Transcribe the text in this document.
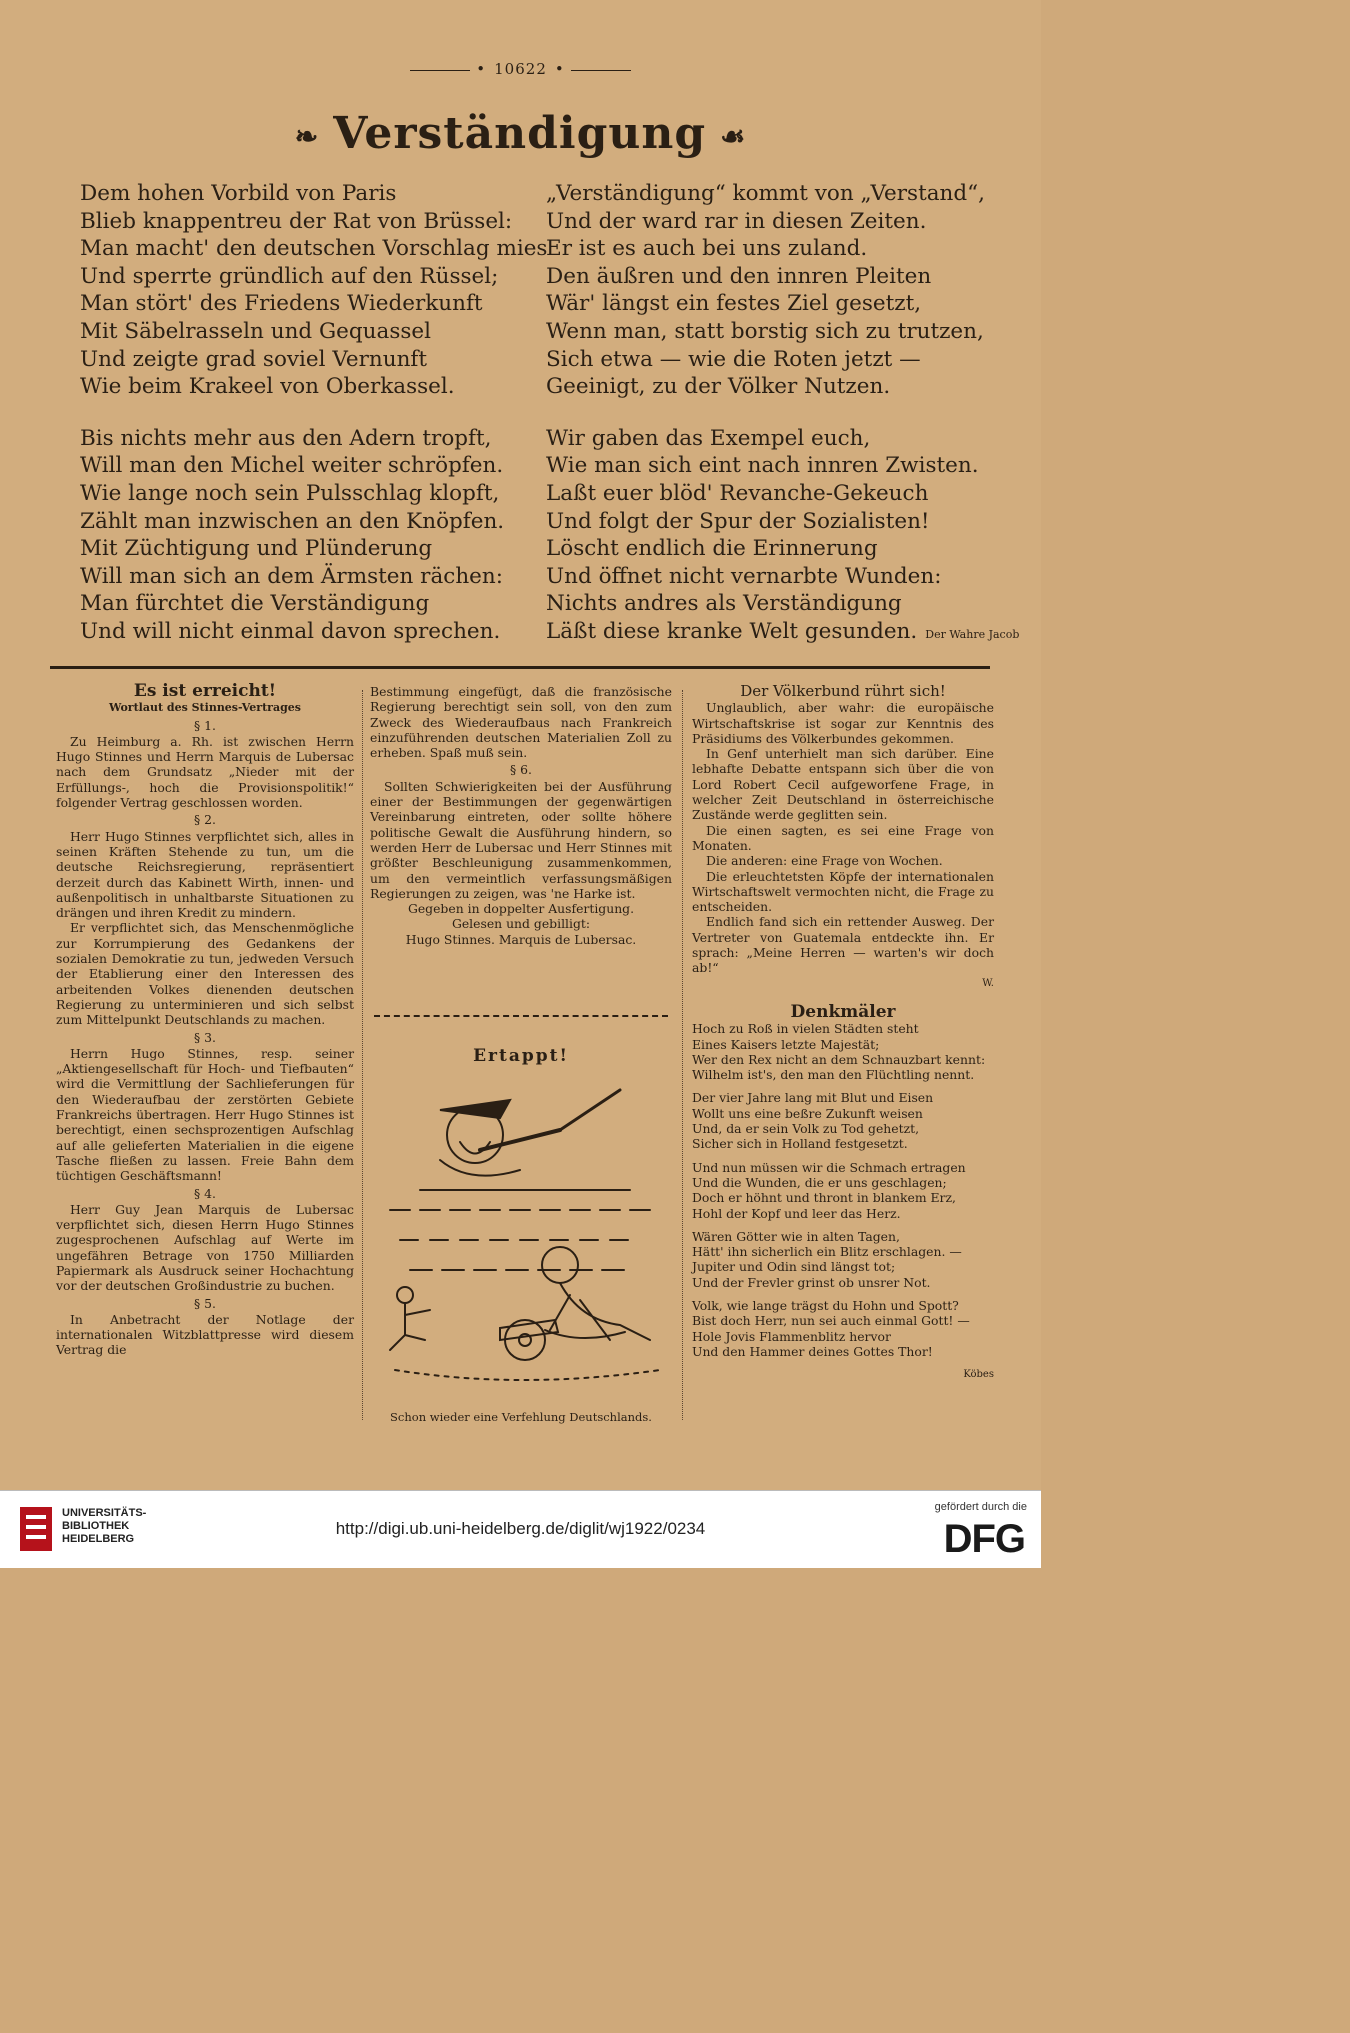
• 10622 •
❧ Verständigung ☙
Dem hohen Vorbild von Paris
Blieb knappentreu der Rat von Brüssel:
Man macht' den deutschen Vorschlag mies
Und sperrte gründlich auf den Rüssel;
Man stört' des Friedens Wiederkunft
Mit Säbelrasseln und Gequassel
Und zeigte grad soviel Vernunft
Wie beim Krakeel von Oberkassel.
Bis nichts mehr aus den Adern tropft,
Will man den Michel weiter schröpfen.
Wie lange noch sein Pulsschlag klopft,
Zählt man inzwischen an den Knöpfen.
Mit Züchtigung und Plünderung
Will man sich an dem Ärmsten rächen:
Man fürchtet die Verständigung
Und will nicht einmal davon sprechen.
„Verständigung“ kommt von „Verstand“,
Und der ward rar in diesen Zeiten.
Er ist es auch bei uns zuland.
Den äußren und den innren Pleiten
Wär' längst ein festes Ziel gesetzt,
Wenn man, statt borstig sich zu trutzen,
Sich etwa — wie die Roten jetzt —
Geeinigt, zu der Völker Nutzen.
Wir gaben das Exempel euch,
Wie man sich eint nach innren Zwisten.
Laßt euer blöd' Revanche-Gekeuch
Und folgt der Spur der Sozialisten!
Löscht endlich die Erinnerung
Und öffnet nicht vernarbte Wunden:
Nichts andres als Verständigung
Läßt diese kranke Welt gesunden. Der Wahre Jacob
Es ist erreicht!
Wortlaut des Stinnes-Vertrages
§ 1.

Zu Heimburg a. Rh. ist zwischen Herrn Hugo Stinnes und Herrn Marquis de Lubersac nach dem Grundsatz „Nieder mit der Erfüllungs-, hoch die Provisionspolitik!“ folgender Vertrag geschlossen worden.

§ 2.

Herr Hugo Stinnes verpflichtet sich, alles in seinen Kräften Stehende zu tun, um die deutsche Reichsregierung, repräsentiert derzeit durch das Kabinett Wirth, innen- und außenpolitisch in unhaltbarste Situationen zu drängen und ihren Kredit zu mindern.

Er verpflichtet sich, das Menschenmögliche zur Korrumpierung des Gedankens der sozialen Demokratie zu tun, jedweden Versuch der Etablierung einer den Interessen des arbeitenden Volkes dienenden deutschen Regierung zu unterminieren und sich selbst zum Mittelpunkt Deutschlands zu machen.

§ 3.

Herrn Hugo Stinnes, resp. seiner „Aktiengesellschaft für Hoch- und Tiefbauten“ wird die Vermittlung der Sachlieferungen für den Wiederaufbau der zerstörten Gebiete Frankreichs übertragen. Herr Hugo Stinnes ist berechtigt, einen sechsprozentigen Aufschlag auf alle gelieferten Materialien in die eigene Tasche fließen zu lassen. Freie Bahn dem tüchtigen Geschäftsmann!

§ 4.

Herr Guy Jean Marquis de Lubersac verpflichtet sich, diesen Herrn Hugo Stinnes zugesprochenen Aufschlag auf Werte im ungefähren Betrage von 1750 Milliarden Papiermark als Ausdruck seiner Hochachtung vor der deutschen Großindustrie zu buchen.

§ 5.

In Anbetracht der Notlage der internationalen Witzblattpresse wird diesem Vertrag die

Bestimmung eingefügt, daß die französische Regierung berechtigt sein soll, von den zum Zweck des Wiederaufbaus nach Frankreich einzuführenden deutschen Materialien Zoll zu erheben. Spaß muß sein.

§ 6.

Sollten Schwierigkeiten bei der Ausführung einer der Bestimmungen der gegenwärtigen Vereinbarung eintreten, oder sollte höhere politische Gewalt die Ausführung hindern, so werden Herr de Lubersac und Herr Stinnes mit größter Beschleunigung zusammenkommen, um den vermeintlich verfassungsmäßigen Regierungen zu zeigen, was 'ne Harke ist.

Gegeben in doppelter Ausfertigung.

Gelesen und gebilligt:

Hugo Stinnes. Marquis de Lubersac.

Ertappt!
Schon wieder eine Verfehlung Deutschlands.
Der Völkerbund rührt sich!

Unglaublich, aber wahr: die europäische Wirtschaftskrise ist sogar zur Kenntnis des Präsidiums des Völkerbundes gekommen.

In Genf unterhielt man sich darüber. Eine lebhafte Debatte entspann sich über die von Lord Robert Cecil aufgeworfene Frage, in welcher Zeit Deutschland in österreichische Zustände werde geglitten sein.

Die einen sagten, es sei eine Frage von Monaten.

Die anderen: eine Frage von Wochen.

Die erleuchtetsten Köpfe der internationalen Wirtschaftswelt vermochten nicht, die Frage zu entscheiden.

Endlich fand sich ein rettender Ausweg. Der Vertreter von Guatemala entdeckte ihn. Er sprach: „Meine Herren — warten's wir doch ab!“

W.
Denkmäler
Hoch zu Roß in vielen Städten steht
Eines Kaisers letzte Majestät;
Wer den Rex nicht an dem Schnauzbart kennt:
Wilhelm ist's, den man den Flüchtling nennt.
Der vier Jahre lang mit Blut und Eisen
Wollt uns eine beßre Zukunft weisen
Und, da er sein Volk zu Tod gehetzt,
Sicher sich in Holland festgesetzt.
Und nun müssen wir die Schmach ertragen
Und die Wunden, die er uns geschlagen;
Doch er höhnt und thront in blankem Erz,
Hohl der Kopf und leer das Herz.
Wären Götter wie in alten Tagen,
Hätt' ihn sicherlich ein Blitz erschlagen. —
Jupiter und Odin sind längst tot;
Und der Frevler grinst ob unsrer Not.
Volk, wie lange trägst du Hohn und Spott?
Bist doch Herr, nun sei auch einmal Gott! —
Hole Jovis Flammenblitz hervor
Und den Hammer deines Gottes Thor!
Köbes
UNIVERSITÄTS-
BIBLIOTHEK
HEIDELBERG
http://digi.ub.uni-heidelberg.de/diglit/wj1922/0234
gefördert durch die
DFG
